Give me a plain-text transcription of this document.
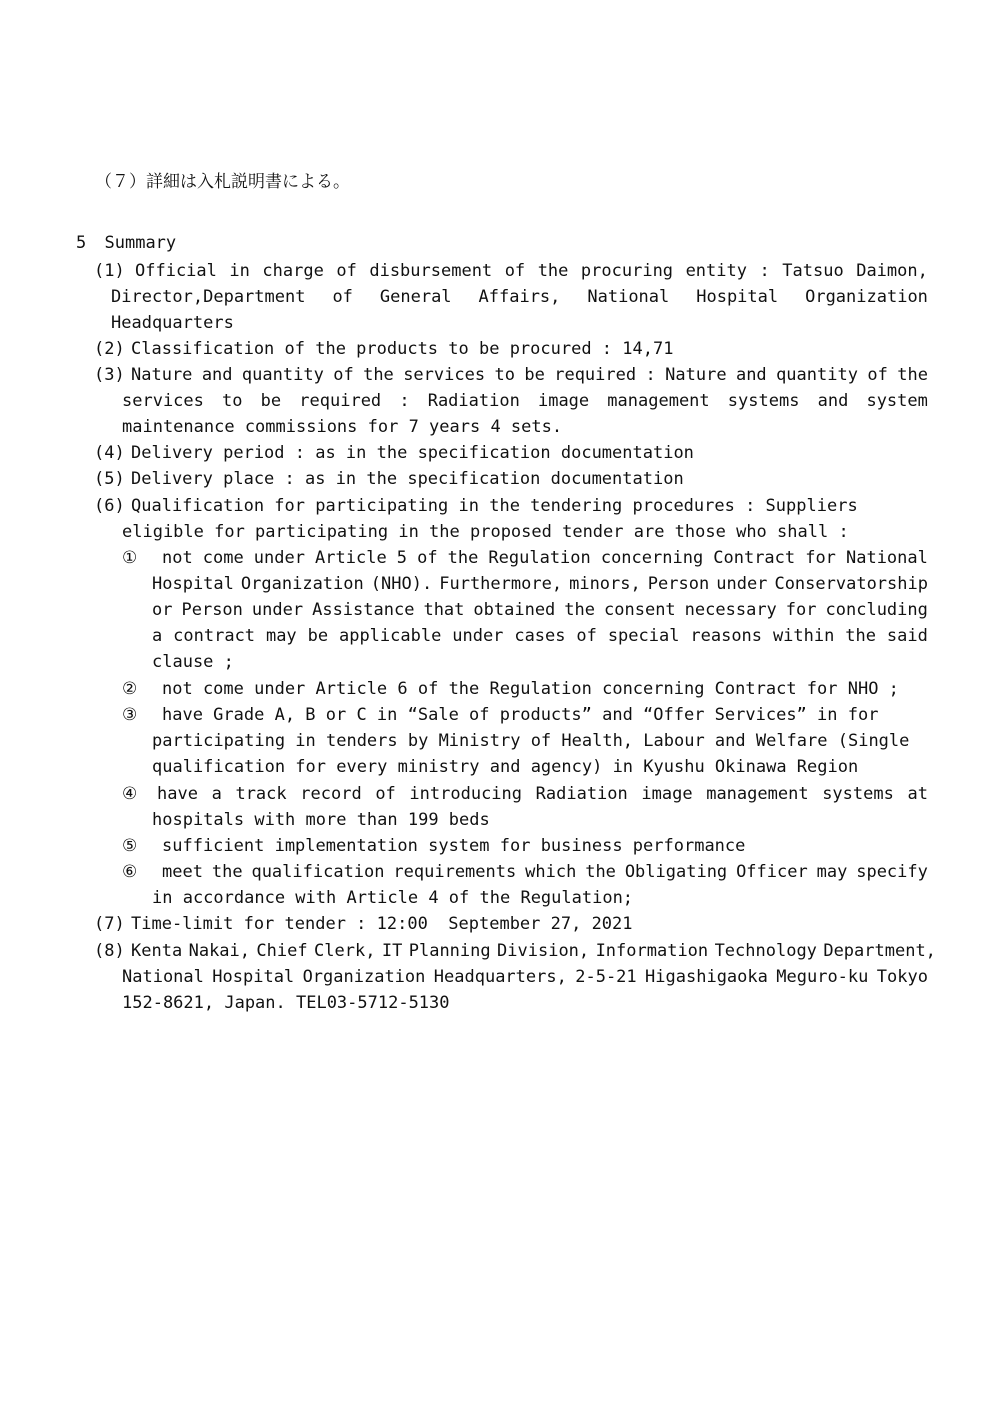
（７）詳細は入札説明書による。
5 Summary
(1) Official in charge of disbursement of the procuring entity : Tatsuo Daimon,
Director,Department of General Affairs, National Hospital Organization
Headquarters
(2) Classification of the products to be procured : 14,71
(3) Nature and quantity of the services to be required : Nature and quantity of the
services to be required : Radiation image management systems and system
maintenance commissions for 7 years 4 sets.
(4) Delivery period : as in the specification documentation
(5) Delivery place : as in the specification documentation
(6) Qualification for participating in the tendering procedures : Suppliers
eligible for participating in the proposed tender are those who shall :
①	not come under Article 5 of the Regulation concerning Contract for National
Hospital Organization (NHO). Furthermore, minors, Person under Conservatorship
or Person under Assistance that obtained the consent necessary for concluding
a contract may be applicable under cases of special reasons within the said
clause ;
②	not come under Article 6 of the Regulation concerning Contract for NHO ;
③	have Grade A, B or C in “Sale of products” and “Offer Services” in for
participating in tenders by Ministry of Health, Labour and Welfare (Single
qualification for every ministry and agency) in Kyushu Okinawa Region
④	have a track record of introducing Radiation image management systems at
hospitals with more than 199 beds
⑤	sufficient implementation system for business performance
⑥	meet the qualification requirements which the Obligating Officer may specify
in accordance with Article 4 of the Regulation;
(7) Time-limit for tender : 12:00  September 27, 2021
(8) Kenta Nakai, Chief Clerk, IT Planning Division, Information Technology Department,
National Hospital Organization Headquarters, 2-5-21 Higashigaoka Meguro-ku Tokyo
152-8621, Japan. TEL03-5712-5130
